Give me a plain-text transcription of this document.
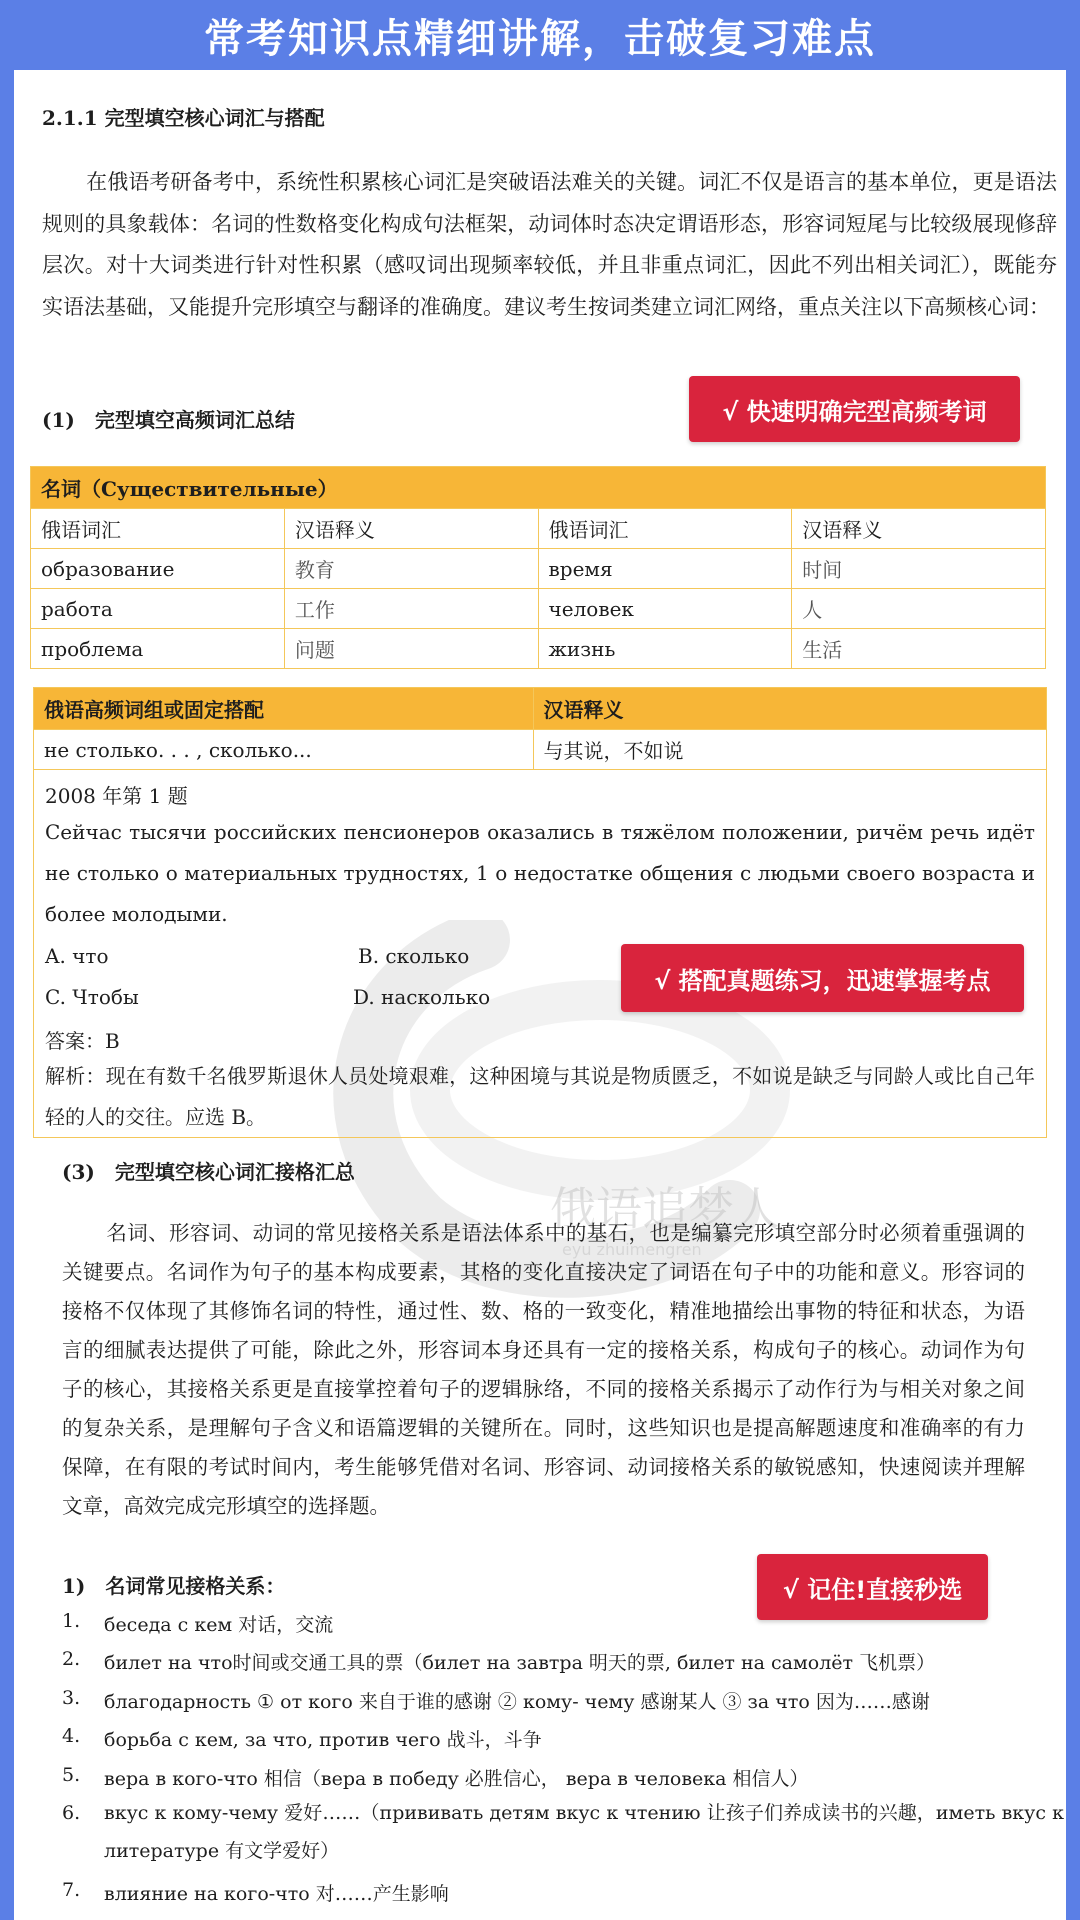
常考知识点精细讲解，击破复习难点
俄语追梦人
eyu zhuimengren
2.1.1 完型填空核心词汇与搭配
在俄语考研备考中，系统性积累核心词汇是突破语法难关的关键。词汇不仅是语言的基本单位，更是语法规则的具象载体：名词的性数格变化构成句法框架，动词体时态决定谓语形态，形容词短尾与比较级展现修辞层次。对十大词类进行针对性积累（感叹词出现频率较低，并且非重点词汇，因此不列出相关词汇），既能夯实语法基础，又能提升完形填空与翻译的准确度。建议考生按词类建立词汇网络，重点关注以下高频核心词：
(1)　完型填空高频词汇总结	√ 快速明确完型高频考词
名词（Существительные）			
俄语词汇	汉语释义	俄语词汇	汉语释义
образование	教育	время	时间
работа	工作	человек	人
проблема	问题	жизнь	生活
俄语高频词组或固定搭配	汉语释义
не столько. . . , сколько...	与其说，不如说
2008 年第 1 题
Сейчас тысячи российских пенсионеров оказались в тяжёлом положении, ричём речь идёт не столько о материальных трудностях, 1 о недостатке общения с людьми своего возраста и более молодыми.
A. что	B. сколько
C. Чтобы	D. насколько
答案：B
解析：现在有数千名俄罗斯退休人员处境艰难，这种困境与其说是物质匮乏，不如说是缺乏与同龄人或比自己年轻的人的交往。应选 B。
√ 搭配真题练习，迅速掌握考点
(3)　完型填空核心词汇接格汇总
名词、形容词、动词的常见接格关系是语法体系中的基石，也是编纂完形填空部分时必须着重强调的关键要点。名词作为句子的基本构成要素，其格的变化直接决定了词语在句子中的功能和意义。形容词的接格不仅体现了其修饰名词的特性，通过性、数、格的一致变化，精准地描绘出事物的特征和状态，为语言的细腻表达提供了可能，除此之外，形容词本身还具有一定的接格关系，构成句子的核心。动词作为句子的核心，其接格关系更是直接掌控着句子的逻辑脉络，不同的接格关系揭示了动作行为与相关对象之间的复杂关系，是理解句子含义和语篇逻辑的关键所在。同时，这些知识也是提高解题速度和准确率的有力保障，在有限的考试时间内，考生能够凭借对名词、形容词、动词接格关系的敏锐感知，快速阅读并理解文章，高效完成完形填空的选择题。
1)　名词常见接格关系：	√ 记住!直接秒选
1. беседа с кем 对话，交流
2. билет на что时间或交通工具的票（билет на завтра 明天的票, билет на самолёт 飞机票）
3. благодарность ① от кого 来自于谁的感谢 ② кому- чему 感谢某人 ③ за что 因为……感谢
4. борьба с кем, за что, против чего 战斗，斗争
5. вера в кого-что 相信（вера в победу 必胜信心， вера в человека 相信人）
6. вкус к кому-чему 爱好……（прививать детям вкус к чтению 让孩子们养成读书的兴趣，иметь вкус к литературе 有文学爱好）
7. влияние на кого-что 对……产生影响
